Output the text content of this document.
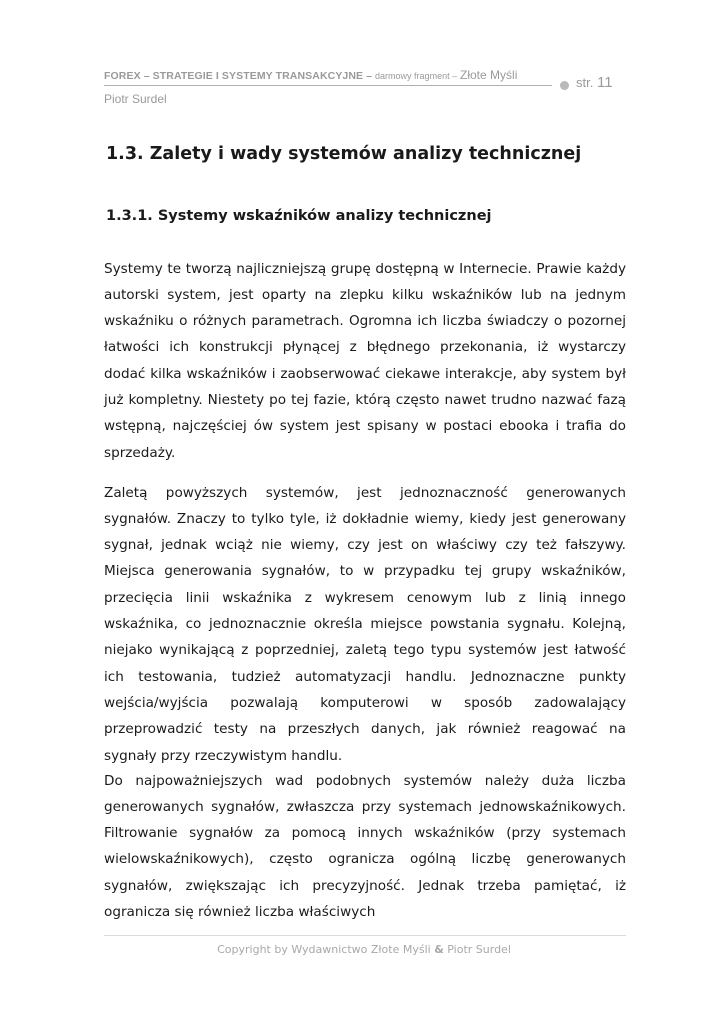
FOREX – STRATEGIE I SYSTEMY TRANSAKCYJNE – darmowy fragment – Złote Myśli	str. 11
Piotr Surdel
1.3. Zalety i wady systemów analizy technicznej
1.3.1. Systemy wskaźników analizy technicznej

Systemy te tworzą najliczniejszą grupę dostępną w Internecie. Prawie każdy autorski system, jest oparty na zlepku kilku wskaźników lub na jednym wskaźniku o różnych parametrach. Ogromna ich liczba świadczy o pozornej łatwości ich konstrukcji płynącej z błędnego przekonania, iż wystarczy dodać kilka wskaźników i zaobserwować ciekawe interakcje, aby system był już kompletny. Niestety po tej fazie, którą często nawet trudno nazwać fazą wstępną, najczęściej ów system jest spisany w postaci ebooka i trafia do sprzedaży.

Zaletą powyższych systemów, jest jednoznaczność generowanych sygnałów. Znaczy to tylko tyle, iż dokładnie wiemy, kiedy jest generowany sygnał, jednak wciąż nie wiemy, czy jest on właściwy czy też fałszywy. Miejsca generowania sygnałów, to w przypadku tej grupy wskaźników, przecięcia linii wskaźnika z wykresem cenowym lub z linią innego wskaźnika, co jednoznacznie określa miejsce powstania sygnału. Kolejną, niejako wynikającą z poprzedniej, zaletą tego typu systemów jest łatwość ich testowania, tudzież automatyzacji handlu. Jednoznaczne punkty wejścia/wyjścia pozwalają komputerowi w sposób zadowalający przeprowadzić testy na przeszłych danych, jak również reagować na sygnały przy rzeczywistym handlu.

Do najpoważniejszych wad podobnych systemów należy duża liczba generowanych sygnałów, zwłaszcza przy systemach jednowskaźnikowych. Filtrowanie sygnałów za pomocą innych wskaźników (przy systemach wielowskaźnikowych), często ogranicza ogólną liczbę generowanych sygnałów, zwiększając ich precyzyjność. Jednak trzeba pamiętać, iż ogranicza się również liczba właściwych

Copyright by Wydawnictwo Złote Myśli & Piotr Surdel
